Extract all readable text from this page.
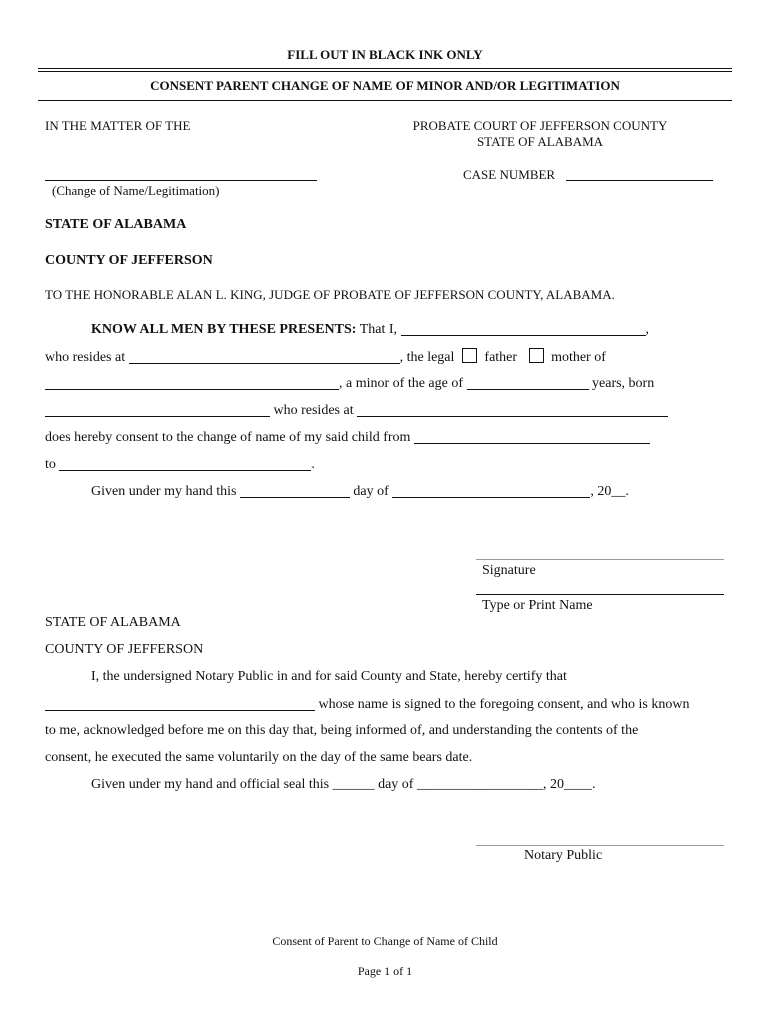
FILL OUT IN BLACK INK ONLY
CONSENT PARENT CHANGE OF NAME OF MINOR AND/OR LEGITIMATION
IN THE MATTER OF THE	PROBATE COURT OF JEFFERSON COUNTY
STATE OF ALABAMA
(Change of Name/Legitimation)
CASE NUMBER
STATE OF ALABAMA
COUNTY OF JEFFERSON
TO THE HONORABLE ALAN L. KING, JUDGE OF PROBATE OF JEFFERSON COUNTY, ALABAMA.
KNOW ALL MEN BY THESE PRESENTS: That I,	,
who resides at	, the legal father mother of
, a minor of the age of	years, born
who resides at
does hereby consent to the change of name of my said child from
to	.
Given under my hand this	day of	, 20__.
Signature
Type or Print Name
STATE OF ALABAMA
COUNTY OF JEFFERSON
I, the undersigned Notary Public in and for said County and State, hereby certify that
whose name is signed to the foregoing consent, and who is known
to me, acknowledged before me on this day that, being informed of, and understanding the contents of the
consent, he executed the same voluntarily on the day of the same bears date.
Given under my hand and official seal this ______ day of __________________, 20____.
Notary Public
Consent of Parent to Change of Name of Child
Page 1 of 1
